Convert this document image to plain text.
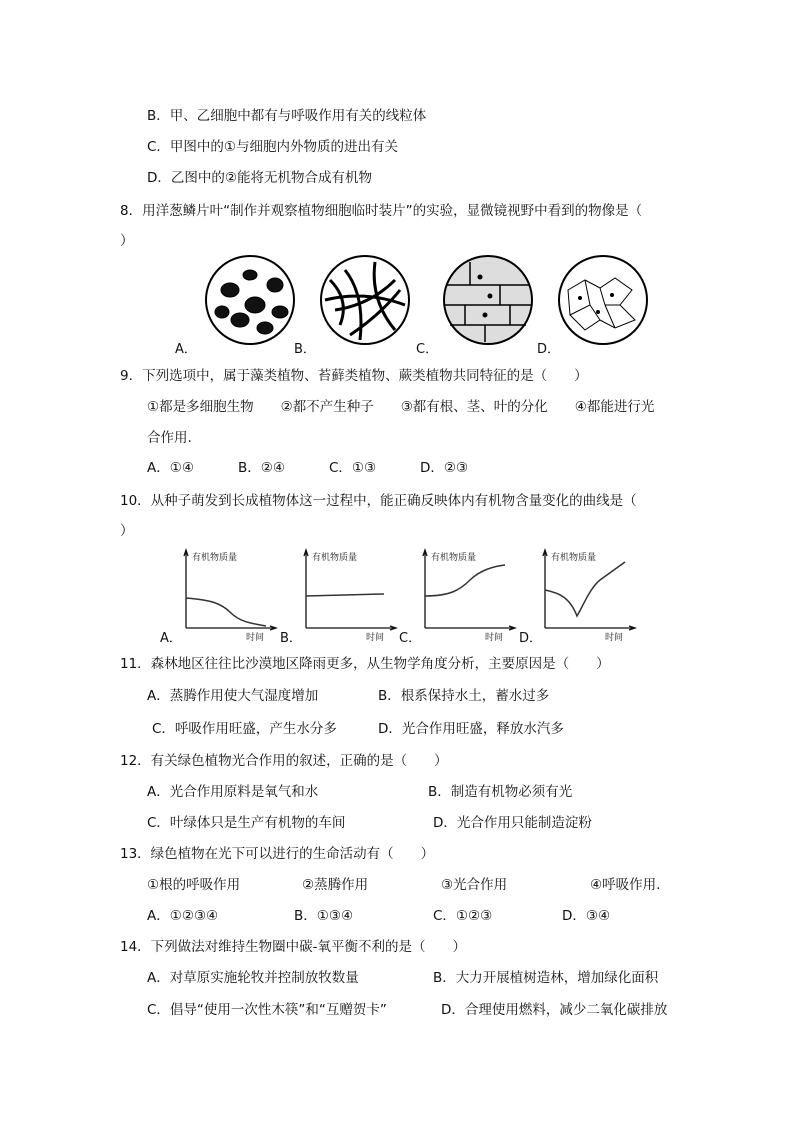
B．甲、乙细胞中都有与呼吸作用有关的线粒体
C．甲图中的①与细胞内外物质的进出有关
D．乙图中的②能将无机物合成有机物
8．用洋葱鳞片叶“制作并观察植物细胞临时装片”的实验，显微镜视野中看到的物像是（
）
A．	B．	C．	D．
9．下列选项中，属于藻类植物、苔藓类植物、蕨类植物共同特征的是（　　）
①都是多细胞生物　　②都不产生种子　　③都有根、茎、叶的分化　　④都能进行光
合作用.
A．①④	B．②④	C．①③	D．②③
10．从种子萌发到长成植物体这一过程中，能正确反映体内有机物含量变化的曲线是（
）
有机物质量
时间
A．
有机物质量
时间
B．
有机物质量
时间
C．
有机物质量
时间
D．
11．森林地区往往比沙漠地区降雨更多，从生物学角度分析，主要原因是（　　）
A．蒸腾作用使大气湿度增加	B．根系保持水土，蓄水过多
C．呼吸作用旺盛，产生水分多	D．光合作用旺盛，释放水汽多
12．有关绿色植物光合作用的叙述，正确的是（　　）
A．光合作用原料是氧气和水	B．制造有机物必须有光
C．叶绿体只是生产有机物的车间	D．光合作用只能制造淀粉
13．绿色植物在光下可以进行的生命活动有（　　）
①根的呼吸作用	②蒸腾作用	③光合作用	④呼吸作用.
A．①②③④	B．①③④	C．①②③	D．③④
14．下列做法对维持生物圈中碳-氧平衡不利的是（　　）
A．对草原实施轮牧并控制放牧数量	B．大力开展植树造林，增加绿化面积
C．倡导“使用一次性木筷”和“互赠贺卡”	D．合理使用燃料，减少二氧化碳排放
